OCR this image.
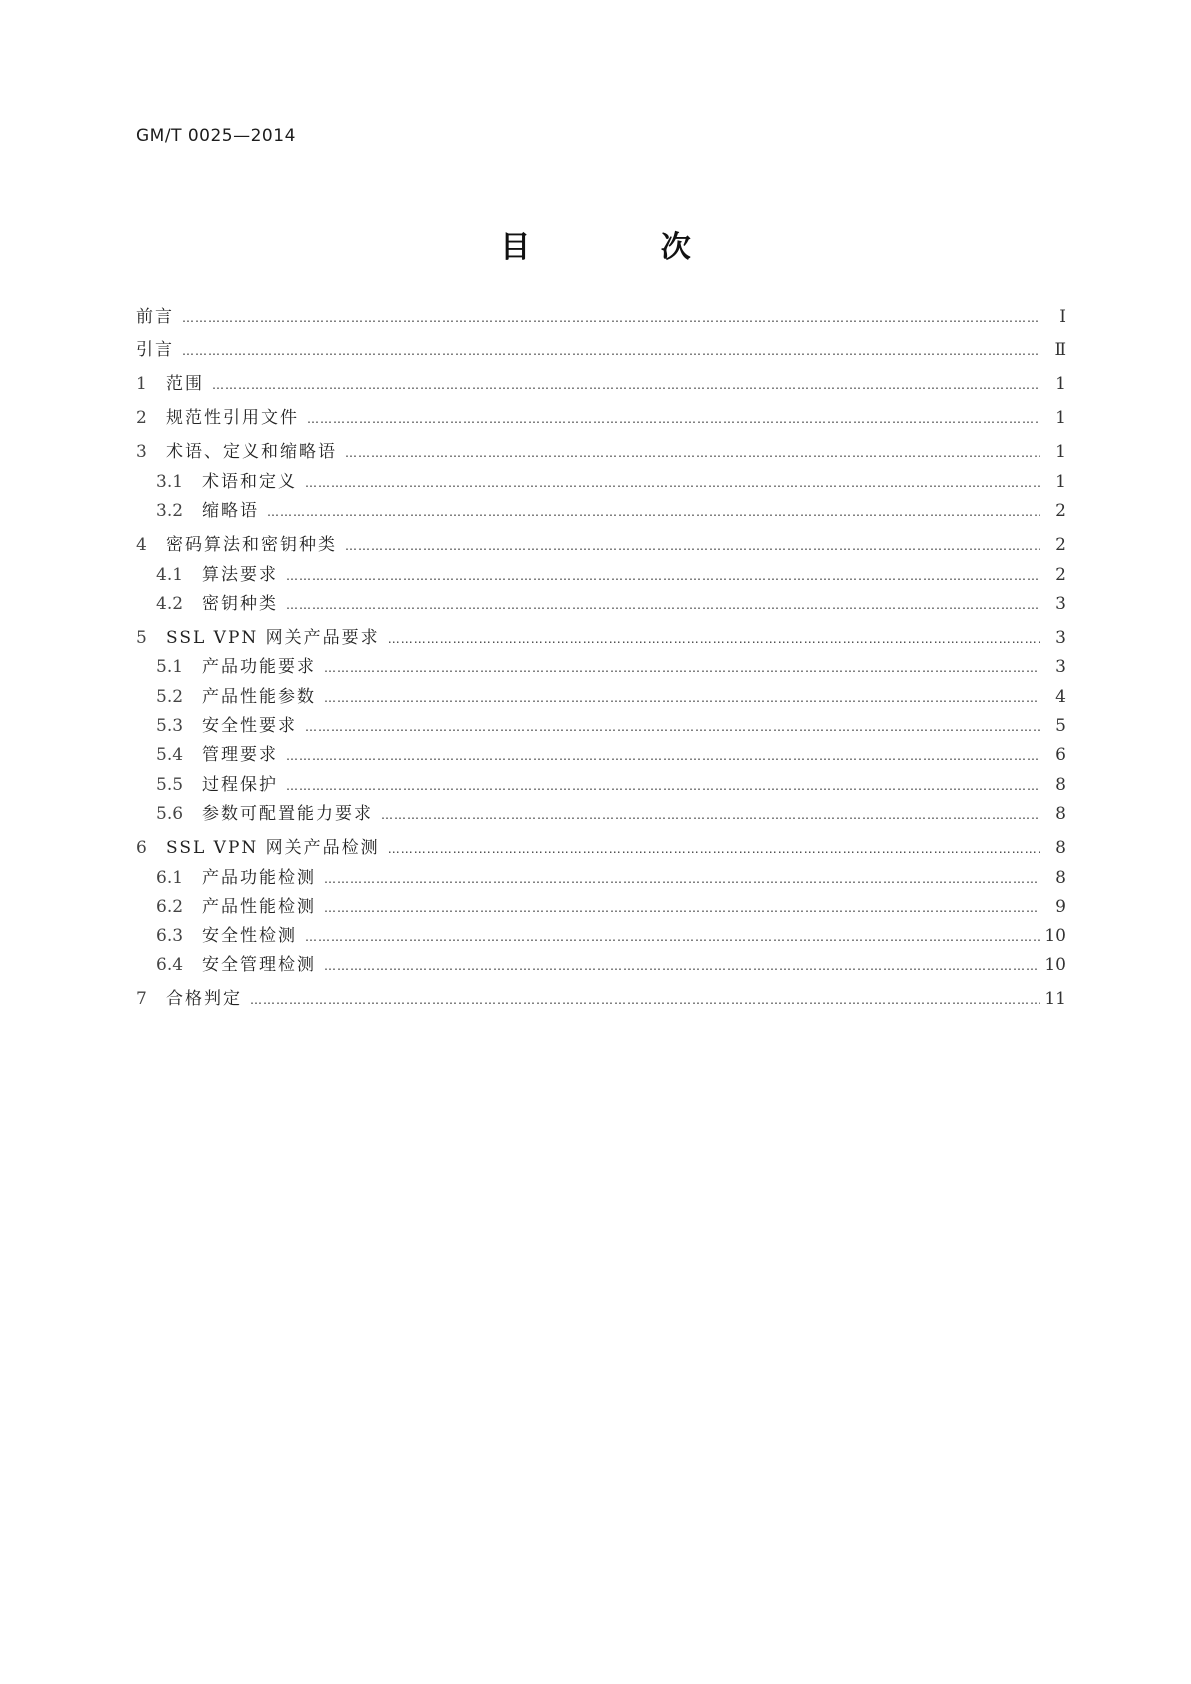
GM/T 0025—2014
目 次
前言 …………………………………………………………………………………………………………………………………………………………………………………………………………………………………………………………	Ⅰ
引言 …………………………………………………………………………………………………………………………………………………………………………………………………………………………………………………………	Ⅱ
1	范围 …………………………………………………………………………………………………………………………………………………………………………………………………………………………………………………………	1
2	规范性引用文件 …………………………………………………………………………………………………………………………………………………………………………………………………………………………………………………………	1
3	术语、定义和缩略语 …………………………………………………………………………………………………………………………………………………………………………………………………………………………………………………………	1
3.1	术语和定义 …………………………………………………………………………………………………………………………………………………………………………………………………………………………………………………………	1
3.2	缩略语 …………………………………………………………………………………………………………………………………………………………………………………………………………………………………………………………	2
4	密码算法和密钥种类 …………………………………………………………………………………………………………………………………………………………………………………………………………………………………………………………	2
4.1	算法要求 …………………………………………………………………………………………………………………………………………………………………………………………………………………………………………………………	2
4.2	密钥种类 …………………………………………………………………………………………………………………………………………………………………………………………………………………………………………………………	3
5	SSL VPN 网关产品要求 …………………………………………………………………………………………………………………………………………………………………………………………………………………………………………………………	3
5.1	产品功能要求 …………………………………………………………………………………………………………………………………………………………………………………………………………………………………………………………	3
5.2	产品性能参数 …………………………………………………………………………………………………………………………………………………………………………………………………………………………………………………………	4
5.3	安全性要求 …………………………………………………………………………………………………………………………………………………………………………………………………………………………………………………………	5
5.4	管理要求 …………………………………………………………………………………………………………………………………………………………………………………………………………………………………………………………	6
5.5	过程保护 …………………………………………………………………………………………………………………………………………………………………………………………………………………………………………………………	8
5.6	参数可配置能力要求 …………………………………………………………………………………………………………………………………………………………………………………………………………………………………………………………	8
6	SSL VPN 网关产品检测 …………………………………………………………………………………………………………………………………………………………………………………………………………………………………………………………	8
6.1	产品功能检测 …………………………………………………………………………………………………………………………………………………………………………………………………………………………………………………………	8
6.2	产品性能检测 …………………………………………………………………………………………………………………………………………………………………………………………………………………………………………………………	9
6.3	安全性检测 …………………………………………………………………………………………………………………………………………………………………………………………………………………………………………………………	10
6.4	安全管理检测 …………………………………………………………………………………………………………………………………………………………………………………………………………………………………………………………	10
7	合格判定 …………………………………………………………………………………………………………………………………………………………………………………………………………………………………………………………	11
